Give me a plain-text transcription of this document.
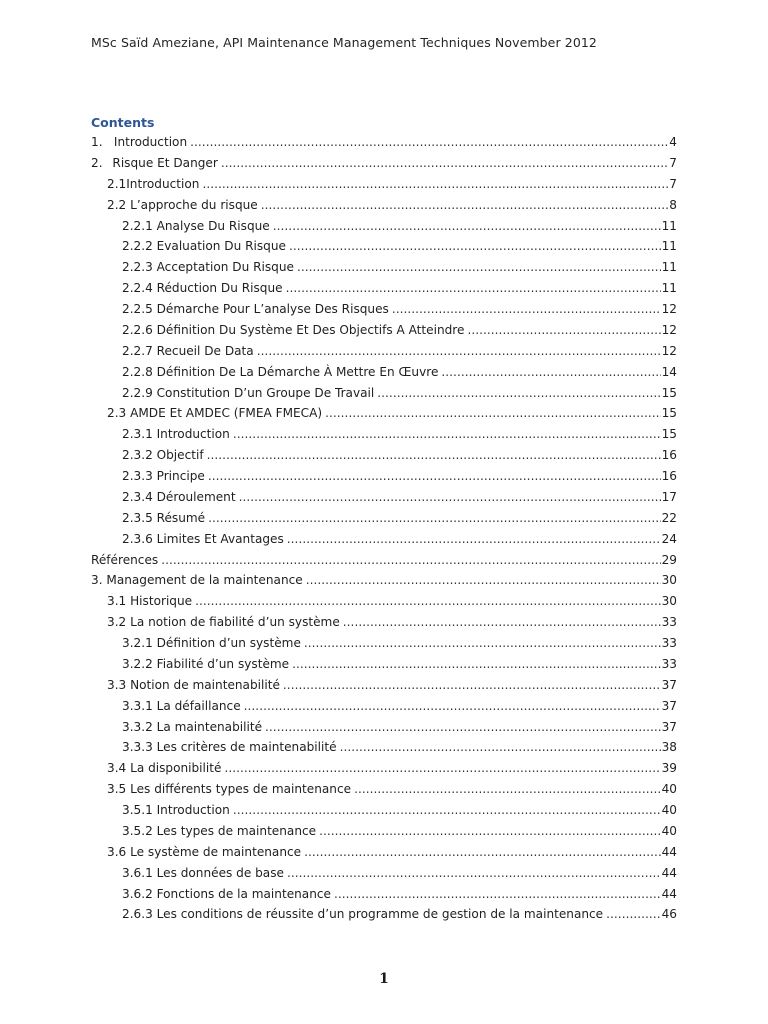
MSc Saïd Ameziane, API Maintenance Management Techniques November 2012
Contents
1. Introduction . . .	4
2. Risque Et Danger . . .	7
2.1Introduction . . .	7
2.2 L’approche du risque . . .	8
2.2.1 Analyse Du Risque . . .	11
2.2.2 Evaluation Du Risque . . .	11
2.2.3 Acceptation Du Risque . . .	11
2.2.4 Réduction Du Risque . . .	11
2.2.5 Démarche Pour L’analyse Des Risques . . .	12
2.2.6 Définition Du Système Et Des Objectifs A Atteindre . . .	12
2.2.7 Recueil De Data . . .	12
2.2.8 Définition De La Démarche À Mettre En Œuvre . . .	14
2.2.9 Constitution D’un Groupe De Travail . . .	15
2.3 AMDE Et AMDEC (FMEA FMECA) . . .	15
2.3.1 Introduction . . .	15
2.3.2 Objectif . . .	16
2.3.3 Principe . . .	16
2.3.4 Déroulement . . .	17
2.3.5 Résumé . . .	22
2.3.6 Limites Et Avantages . . .	24
Références . . .	29
3. Management de la maintenance . . .	30
3.1 Historique . . .	30
3.2 La notion de fiabilité d’un système . . .	33
3.2.1 Définition d’un système . . .	33
3.2.2 Fiabilité d’un système . . .	33
3.3 Notion de maintenabilité . . .	37
3.3.1 La défaillance . . .	37
3.3.2 La maintenabilité . . .	37
3.3.3 Les critères de maintenabilité . . .	38
3.4 La disponibilité . . .	39
3.5 Les différents types de maintenance . . .	40
3.5.1 Introduction . . .	40
3.5.2 Les types de maintenance . . .	40
3.6 Le système de maintenance . . .	44
3.6.1 Les données de base . . .	44
3.6.2 Fonctions de la maintenance . . .	44
2.6.3 Les conditions de réussite d’un programme de gestion de la maintenance . . .	46
1
